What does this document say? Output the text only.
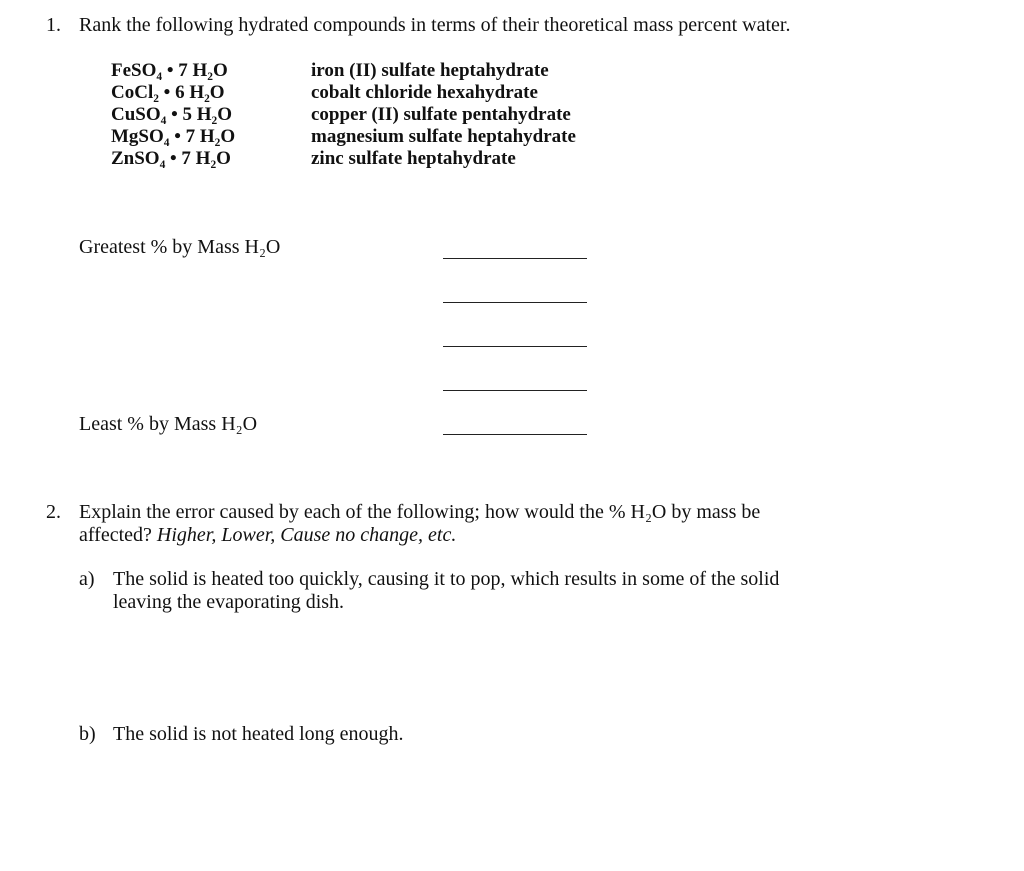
1. Rank the following hydrated compounds in terms of their theoretical mass percent water.
FeSO₄ • 7 H₂O
CoCl₂ • 6 H₂O
CuSO₄ • 5 H₂O
MgSO₄ • 7 H₂O
ZnSO₄ • 7 H₂O
iron (II) sulfate heptahydrate
cobalt chloride hexahydrate
copper (II) sulfate pentahydrate
magnesium sulfate heptahydrate
zinc sulfate heptahydrate
Greatest % by Mass H₂O
Least % by Mass H₂O
2. Explain the error caused by each of the following; how would the % H₂O by mass be
affected? Higher, Lower, Cause no change, etc.
a) The solid is heated too quickly, causing it to pop, which results in some of the solid
leaving the evaporating dish.
b) The solid is not heated long enough.
